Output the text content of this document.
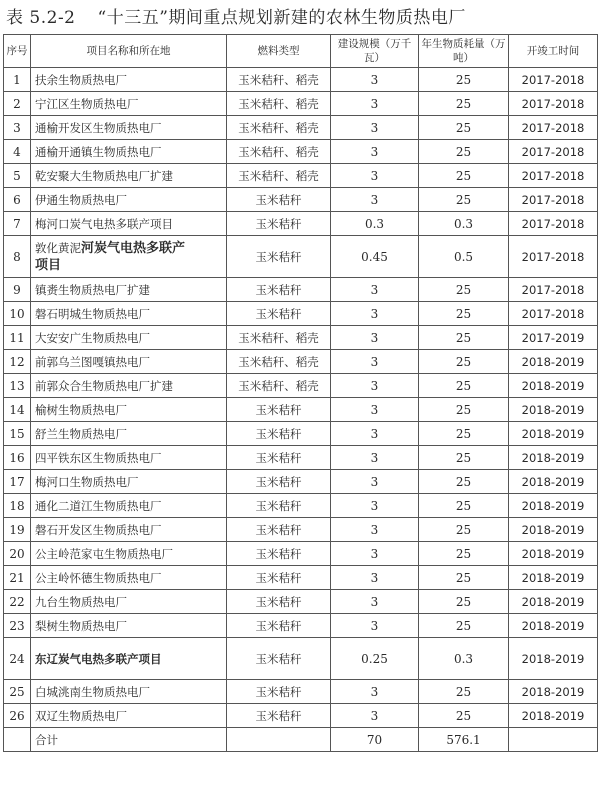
表 5.2-2 “十三五”期间重点规划新建的农林生物质热电厂
序号	项目名称和所在地	燃料类型	建设规模（万千瓦）	年生物质耗量（万吨）	开竣工时间
1	扶余生物质热电厂	玉米秸秆、稻壳	3	25	2017-2018
2	宁江区生物质热电厂	玉米秸秆、稻壳	3	25	2017-2018
3	通榆开发区生物质热电厂	玉米秸秆、稻壳	3	25	2017-2018
4	通榆开通镇生物质热电厂	玉米秸秆、稻壳	3	25	2017-2018
5	乾安聚大生物质热电厂扩建	玉米秸秆、稻壳	3	25	2017-2018
6	伊通生物质热电厂	玉米秸秆	3	25	2017-2018
7	梅河口炭气电热多联产项目	玉米秸秆	0.3	0.3	2017-2018
8	敦化黄泥河炭气电热多联产
项目	玉米秸秆	0.45	0.5	2017-2018
9	镇赉生物质热电厂扩建	玉米秸秆	3	25	2017-2018
10	磐石明城生物质热电厂	玉米秸秆	3	25	2017-2018
11	大安安广生物质热电厂	玉米秸秆、稻壳	3	25	2017-2019
12	前郭乌兰图嘎镇热电厂	玉米秸秆、稻壳	3	25	2018-2019
13	前郭众合生物质热电厂扩建	玉米秸秆、稻壳	3	25	2018-2019
14	榆树生物质热电厂	玉米秸秆	3	25	2018-2019
15	舒兰生物质热电厂	玉米秸秆	3	25	2018-2019
16	四平铁东区生物质热电厂	玉米秸秆	3	25	2018-2019
17	梅河口生物质热电厂	玉米秸秆	3	25	2018-2019
18	通化二道江生物质热电厂	玉米秸秆	3	25	2018-2019
19	磐石开发区生物质热电厂	玉米秸秆	3	25	2018-2019
20	公主岭范家屯生物质热电厂	玉米秸秆	3	25	2018-2019
21	公主岭怀德生物质热电厂	玉米秸秆	3	25	2018-2019
22	九台生物质热电厂	玉米秸秆	3	25	2018-2019
23	梨树生物质热电厂	玉米秸秆	3	25	2018-2019
24	东辽炭气电热多联产项目	玉米秸秆	0.25	0.3	2018-2019
25	白城洮南生物质热电厂	玉米秸秆	3	25	2018-2019
26	双辽生物质热电厂	玉米秸秆	3	25	2018-2019
	合计		70	576.1	
